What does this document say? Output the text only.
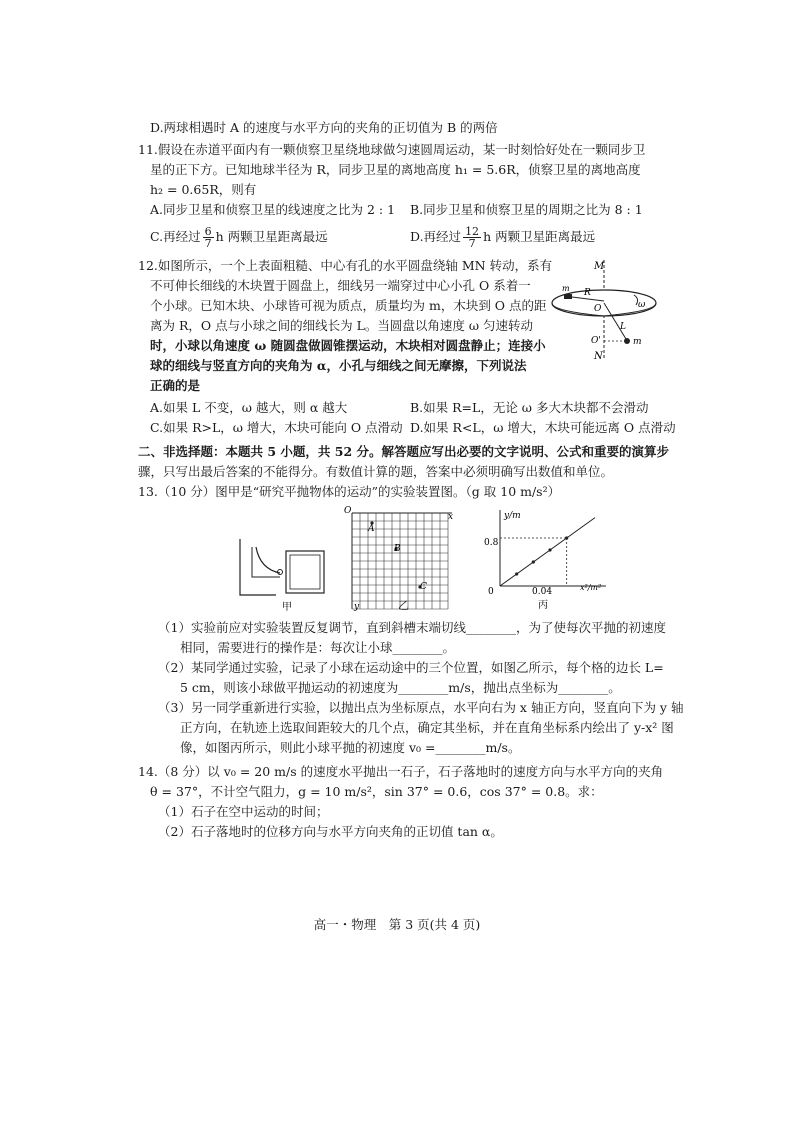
D.两球相遇时 A 的速度与水平方向的夹角的正切值为 B 的两倍
11.假设在赤道平面内有一颗侦察卫星绕地球做匀速圆周运动，某一时刻恰好处在一颗同步卫
星的正下方。已知地球半径为 R，同步卫星的离地高度 h₁ = 5.6R，侦察卫星的离地高度
h₂ = 0.65R，则有
A.同步卫星和侦察卫星的线速度之比为 2 : 1 B.同步卫星和侦察卫星的周期之比为 8 : 1
C.再经过 $\frac{6}{7}$ h 两颗卫星距离最远	D.再经过 $\frac{12}{7}$ h 两颗卫星距离最远
12.如图所示，一个上表面粗糙、中心有孔的水平圆盘绕轴 MN 转动，系有
不可伸长细线的木块置于圆盘上，细线另一端穿过中心小孔 O 系着一
个小球。已知木块、小球皆可视为质点，质量均为 m，木块到 O 点的距
离为 R，O 点与小球之间的细线长为 L。当圆盘以角速度 ω 匀速转动
时，小球以角速度 ω 随圆盘做圆锥摆运动，木块相对圆盘静止；连接小
球的细线与竖直方向的夹角为 α，小孔与细线之间无摩擦，下列说法
正确的是
A.如果 L 不变，ω 越大，则 α 越大	B.如果 R=L，无论 ω 多大木块都不会滑动
C.如果 R>L，ω 增大，木块可能向 O 点滑动 D.如果 R<L，ω 增大，木块可能远离 O 点滑动
M
N
O
O'
R
L
m
m
ω
二、非选择题：本题共 5 小题，共 52 分。解答题应写出必要的文字说明、公式和重要的演算步
骤，只写出最后答案的不能得分。有数值计算的题，答案中必须明确写出数值和单位。
13.（10 分）图甲是“研究平抛物体的运动”的实验装置图。（g 取 10 m/s²）
甲
O
x
y
A
B
C
乙
y/m
x²/m²
0
0.8
0.04
丙
（1）实验前应对实验装置反复调节，直到斜槽末端切线________，为了使每次平抛的初速度
相同，需要进行的操作是：每次让小球________。
（2）某同学通过实验，记录了小球在运动途中的三个位置，如图乙所示，每个格的边长 L=
5 cm，则该小球做平抛运动的初速度为________m/s，抛出点坐标为________。
（3）另一同学重新进行实验，以抛出点为坐标原点，水平向右为 x 轴正方向，竖直向下为 y 轴
正方向，在轨迹上选取间距较大的几个点，确定其坐标，并在直角坐标系内绘出了 y-x² 图
像，如图丙所示，则此小球平抛的初速度 v₀ =________m/s。
14.（8 分）以 v₀ = 20 m/s 的速度水平抛出一石子，石子落地时的速度方向与水平方向的夹角
θ = 37°，不计空气阻力，g = 10 m/s²，sin 37° = 0.6，cos 37° = 0.8。求：
（1）石子在空中运动的时间；
（2）石子落地时的位移方向与水平方向夹角的正切值 tan α。
高一・物理　第 3 页(共 4 页)
